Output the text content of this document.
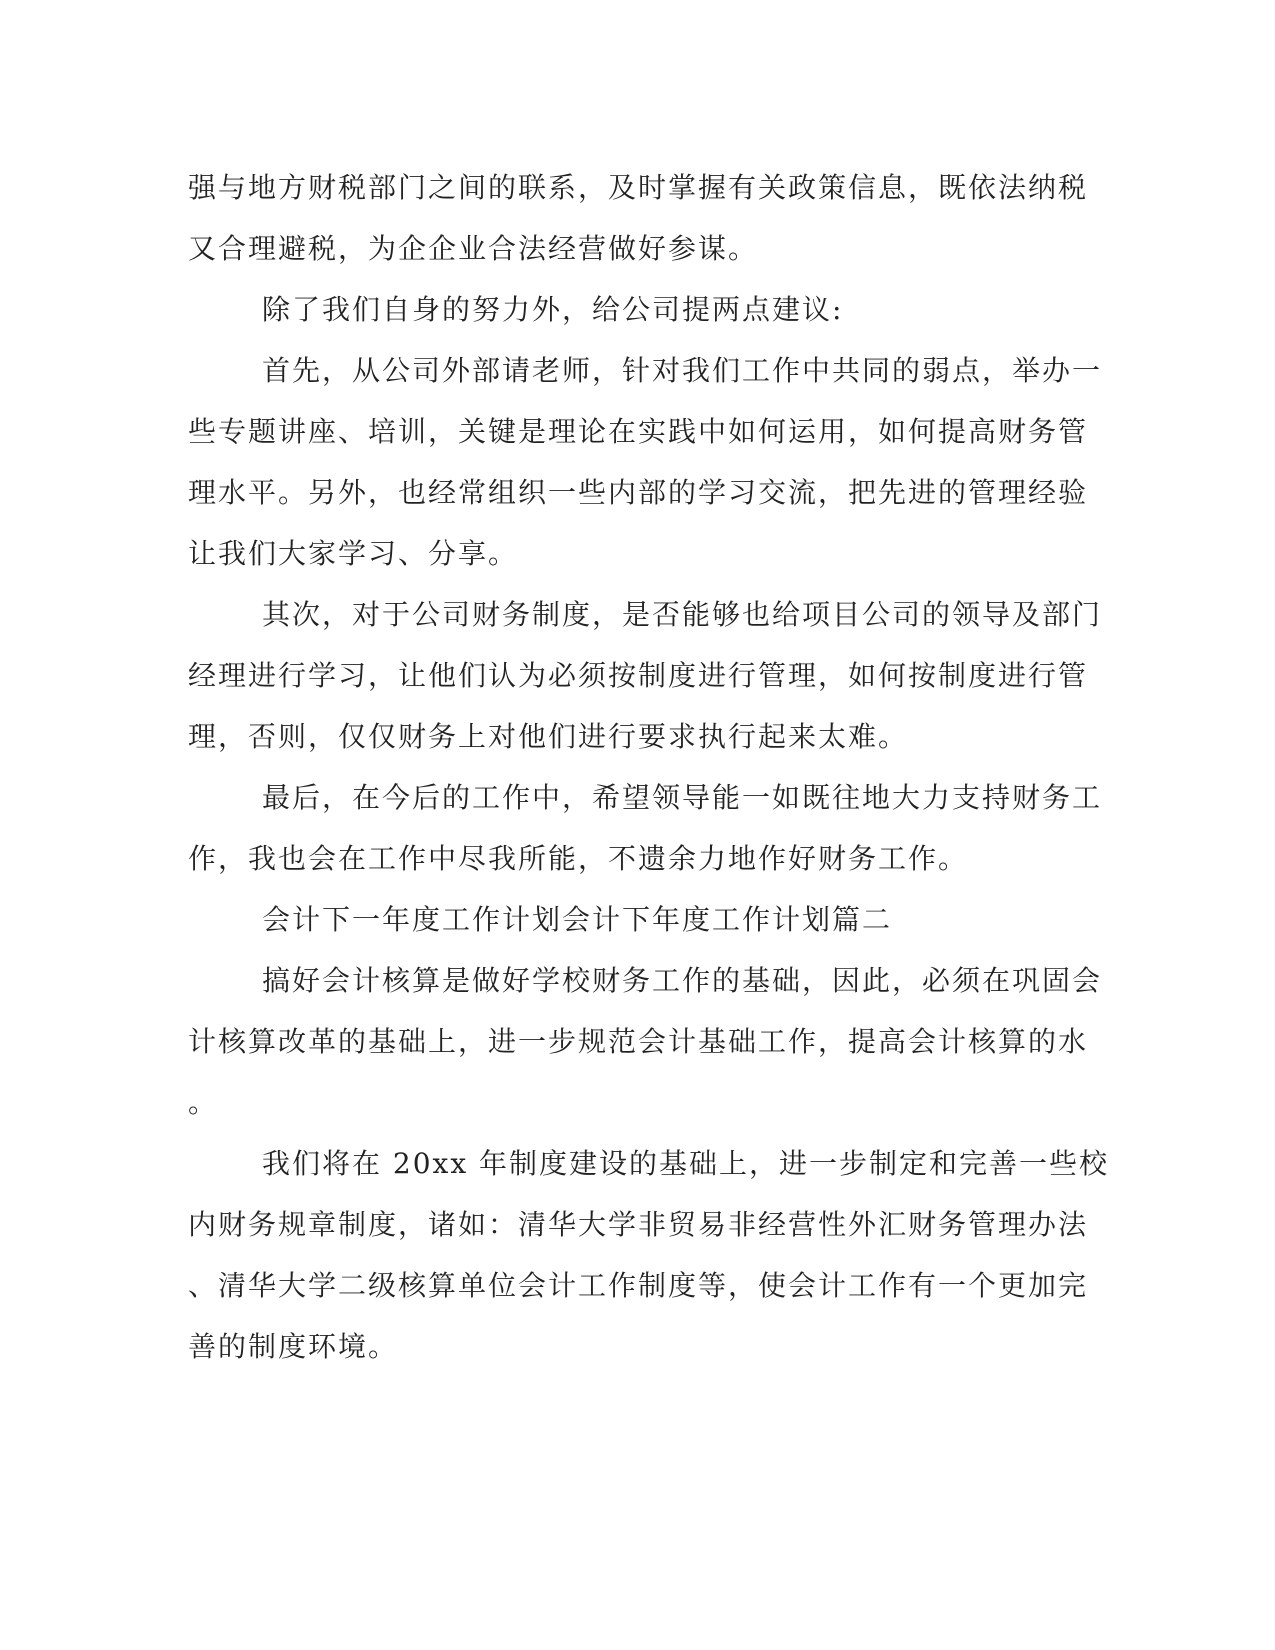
强与地方财税部门之间的联系，及时掌握有关政策信息，既依法纳税
又合理避税，为企企业合法经营做好参谋。

除了我们自身的努力外，给公司提两点建议:

首先，从公司外部请老师，针对我们工作中共同的弱点，举办一
些专题讲座、培训，关键是理论在实践中如何运用，如何提高财务管
理水平。另外，也经常组织一些内部的学习交流，把先进的管理经验
让我们大家学习、分享。

其次，对于公司财务制度，是否能够也给项目公司的领导及部门
经理进行学习，让他们认为必须按制度进行管理，如何按制度进行管
理，否则，仅仅财务上对他们进行要求执行起来太难。

最后，在今后的工作中，希望领导能一如既往地大力支持财务工
作，我也会在工作中尽我所能，不遗余力地作好财务工作。

会计下一年度工作计划会计下年度工作计划篇二

搞好会计核算是做好学校财务工作的基础，因此，必须在巩固会
计核算改革的基础上，进一步规范会计基础工作，提高会计核算的水
。

我们将在 20xx 年制度建设的基础上，进一步制定和完善一些校
内财务规章制度，诸如：清华大学非贸易非经营性外汇财务管理办法
、清华大学二级核算单位会计工作制度等，使会计工作有一个更加完
善的制度环境。
